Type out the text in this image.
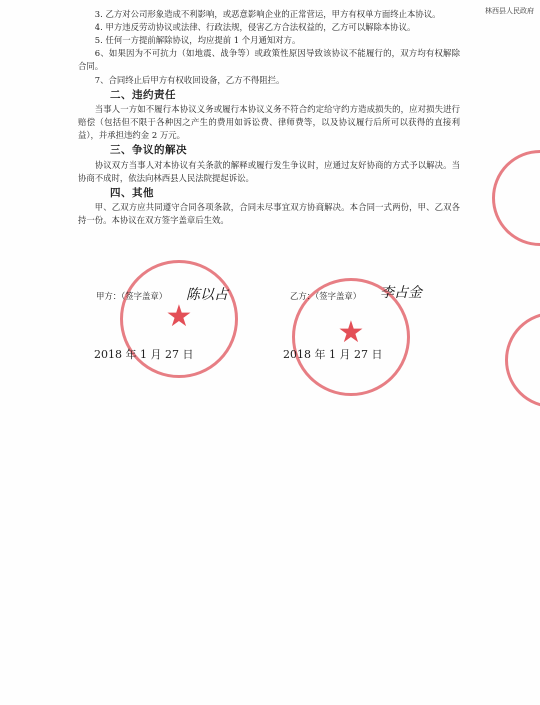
林西县人民政府

3. 乙方对公司形象造成不利影响，或恶意影响企业的正常营运，甲方有权单方面终止本协议。

4. 甲方违反劳动协议或法律、行政法规，侵害乙方合法权益的，乙方可以解除本协议。

5. 任何一方提前解除协议，均应提前 1 个月通知对方。

6、如果因为不可抗力（如地震、战争等）或政策性原因导致该协议不能履行的，双方均有权解除合同。

7、合同终止后甲方有权收回设备，乙方不得阻拦。

二、违约责任

当事人一方如不履行本协议义务或履行本协议义务不符合约定给守约方造成损失的，应对损失进行赔偿（包括但不限于各种因之产生的费用如诉讼费、律师费等，以及协议履行后所可以获得的直接利益），并承担违约金 2 万元。

三、争议的解决

协议双方当事人对本协议有关条款的解释或履行发生争议时，应通过友好协商的方式予以解决。当协商不成时，依法向林西县人民法院提起诉讼。

四、其他

甲、乙双方应共同遵守合同各项条款，合同未尽事宜双方协商解决。本合同一式两份，甲、乙双各持一份。本协议在双方签字盖章后生效。

★	★
甲方：（签字盖章）	乙方：（签字盖章）
陈以占	李占金
2018 年 1 月 27 日	2018 年 1 月 27 日
